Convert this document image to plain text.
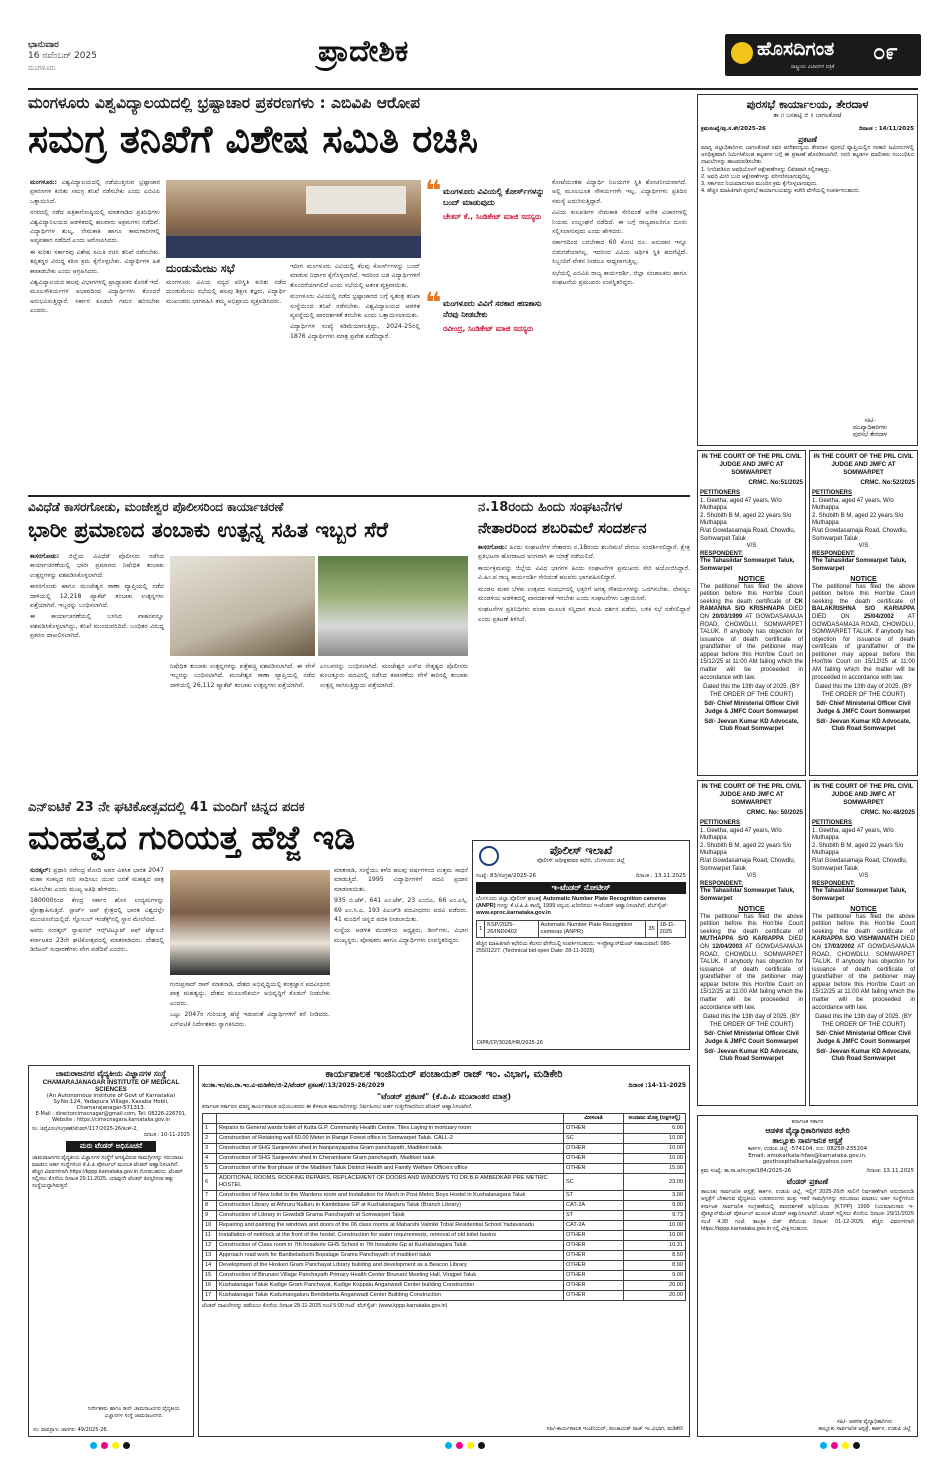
ಭಾನುವಾರ
16 ನವೆಂಬರ್ 2025
ಮಂಗಳೂರು	ಪ್ರಾದೇಶಿಕ	ಹೊಸದಿಗಂತ
ರಾಷ್ಟ್ರೀಯ ವಿಚಾರಗಳ ಪತ್ರಿಕೆ
೦೯
ಮಂಗಳೂರು ವಿಶ್ವವಿದ್ಯಾಲಯದಲ್ಲಿ ಭ್ರಷ್ಟಾಚಾರ ಪ್ರಕರಣಗಳು : ಎಬಿವಿಪಿ ಆರೋಪ
ಸಮಗ್ರ ತನಿಖೆಗೆ ವಿಶೇಷ ಸಮಿತಿ ರಚಿಸಿ

ಮಂಗಳೂರು: ವಿಶ್ವವಿದ್ಯಾಲಯದಲ್ಲಿ ನಡೆಯುತ್ತಿರುವ ಭ್ರಷ್ಟಾಚಾರ ಪ್ರಕರಣಗಳ ಕುರಿತು ಸಮಗ್ರ ತನಿಖೆ ನಡೆಸಬೇಕು ಎಂದು ಎಬಿವಿಪಿ ಒತ್ತಾಯಿಸಿದೆ.

ನಗರದಲ್ಲಿ ನಡೆದ ಪತ್ರಿಕಾಗೋಷ್ಠಿಯಲ್ಲಿ ಮಾತನಾಡಿದ ಪ್ರತಿನಿಧಿಗಳು ವಿಶ್ವವಿದ್ಯಾನಿಲಯದ ಆಡಳಿತದಲ್ಲಿ ಹಲವಾರು ಅಕ್ರಮಗಳು ನಡೆದಿವೆ. ವಿದ್ಯಾರ್ಥಿಗಳ ಶುಲ್ಕ, ನೇಮಕಾತಿ ಹಾಗೂ ಕಾಮಗಾರಿಗಳಲ್ಲಿ ಅವ್ಯವಹಾರ ನಡೆದಿದೆ ಎಂದು ಆರೋಪಿಸಿದರು.

ಈ ಕುರಿತು ಸರ್ಕಾರವು ವಿಶೇಷ ಸಮಿತಿ ರಚಿಸಿ ತನಿಖೆ ನಡೆಸಬೇಕು. ತಪ್ಪಿತಸ್ಥರ ವಿರುದ್ಧ ಕಠಿಣ ಕ್ರಮ ಕೈಗೊಳ್ಳಬೇಕು. ವಿದ್ಯಾರ್ಥಿಗಳ ಹಿತ ಕಾಪಾಡಬೇಕು ಎಂದು ಆಗ್ರಹಿಸಿದರು.

ವಿಶ್ವವಿದ್ಯಾಲಯದ ಹಲವು ವಿಭಾಗಗಳಲ್ಲಿ ಪ್ರಾಧ್ಯಾಪಕರ ಕೊರತೆ ಇದೆ. ಮೂಲಸೌಕರ್ಯಗಳ ಅಭಾವದಿಂದ ವಿದ್ಯಾರ್ಥಿಗಳು ತೊಂದರೆ ಅನುಭವಿಸುತ್ತಿದ್ದಾರೆ. ಸರ್ಕಾರ ಕೂಡಲೇ ಗಮನ ಹರಿಸಬೇಕು ಎಂದರು.

ದುಂಡುಮೇಜು ಸಭೆ

ಮಂಗಳೂರು ವಿವಿಯ ಸದ್ಯದ ಪರಿಸ್ಥಿತಿ ಕುರಿತು ನಡೆದ ದುಂಡುಮೇಜು ಸಭೆಯಲ್ಲಿ ಹಲವು ಶಿಕ್ಷಣ ತಜ್ಞರು, ವಿದ್ಯಾರ್ಥಿ ಮುಖಂಡರು ಭಾಗವಹಿಸಿ ತಮ್ಮ ಅಭಿಪ್ರಾಯ ವ್ಯಕ್ತಪಡಿಸಿದರು.

ಇದೀಗ ಮಂಗಳೂರು ವಿವಿಯಲ್ಲಿ ಕೆಲವು ಕೋರ್ಸ್‌ಗಳನ್ನು ಬಂದ್ ಮಾಡುವ ನಿರ್ಧಾರ ಕೈಗೊಳ್ಳಲಾಗಿದೆ. ಇದರಿಂದ ಬಡ ವಿದ್ಯಾರ್ಥಿಗಳಿಗೆ ತೊಂದರೆಯಾಗಲಿದೆ ಎಂದು ಸಭೆಯಲ್ಲಿ ಆತಂಕ ವ್ಯಕ್ತವಾಯಿತು.

ಮಂಗಳೂರು ವಿವಿಯಲ್ಲಿ ನಡೆದ ಭ್ರಷ್ಟಾಚಾರದ ಬಗ್ಗೆ ಸ್ವತಂತ್ರ ತನಿಖಾ ಸಂಸ್ಥೆಯಿಂದ ತನಿಖೆ ನಡೆಸಬೇಕು. ವಿಶ್ವವಿದ್ಯಾಲಯದ ಆಡಳಿತ ವ್ಯವಸ್ಥೆಯಲ್ಲಿ ಪಾರದರ್ಶಕತೆ ತರಬೇಕು ಎಂದು ಒತ್ತಾಯಿಸಲಾಯಿತು.

ವಿದ್ಯಾರ್ಥಿಗಳ ಸಂಖ್ಯೆ ಕಡಿಮೆಯಾಗುತ್ತಿದ್ದು, 2024-25ರಲ್ಲಿ 1876 ವಿದ್ಯಾರ್ಥಿಗಳು ಮಾತ್ರ ಪ್ರವೇಶ ಪಡೆದಿದ್ದಾರೆ.

❝ ಮಂಗಳೂರು ವಿವಿಯಲ್ಲಿ ಕೋರ್ಸ್‌ಗಳನ್ನು ಬಂದ್ ಮಾಡುವುದು
ಚೇತನ್ ಕೆ., ಸಿಂಡಿಕೇಟ್ ಮಾಜಿ ಸದಸ್ಯರು
❝ ಮಂಗಳೂರು ವಿವಿಗೆ ಸರಕಾರ ಹಣಕಾಸು ನೆರವು ನೀಡಬೇಕು
ರವೀಂದ್ರ, ಸಿಂಡಿಕೇಟ್ ಮಾಜಿ ಸದಸ್ಯರು

ಕೋಟೆಯಂತಹ ವಿದ್ಯಾರ್ಥಿ ನಿಲಯಗಳ ಸ್ಥಿತಿ ಶೋಚನೀಯವಾಗಿದೆ. ಅಲ್ಲಿ ಮೂಲಭೂತ ಸೌಕರ್ಯಗಳೇ ಇಲ್ಲ. ವಿದ್ಯಾರ್ಥಿಗಳು ಪ್ರತಿದಿನ ಸಮಸ್ಯೆ ಎದುರಿಸುತ್ತಿದ್ದಾರೆ.

ವಿವಿಯ ಕುಲಪತಿಗಳ ನೇಮಕಾತಿ ಸೇರಿದಂತೆ ಅನೇಕ ವಿಚಾರಗಳಲ್ಲಿ ನಿಯಮ ಉಲ್ಲಂಘನೆ ನಡೆದಿದೆ. ಈ ಬಗ್ಗೆ ರಾಜ್ಯಪಾಲರಿಗೂ ದೂರು ಸಲ್ಲಿಸಲಾಗುವುದು ಎಂದು ಹೇಳಿದರು.

ಸರ್ಕಾರದಿಂದ ಬರಬೇಕಾದ 60 ಕೋಟಿ ರೂ. ಅನುದಾನ ಇನ್ನೂ ಬಿಡುಗಡೆಯಾಗಿಲ್ಲ. ಇದರಿಂದ ವಿವಿಯ ಆರ್ಥಿಕ ಸ್ಥಿತಿ ಹದಗೆಟ್ಟಿದೆ. ಸಿಬ್ಬಂದಿಗೆ ವೇತನ ನೀಡಲೂ ಸಾಧ್ಯವಾಗುತ್ತಿಲ್ಲ.

ಸಭೆಯಲ್ಲಿ ಎಬಿವಿಪಿ ರಾಜ್ಯ ಕಾರ್ಯದರ್ಶಿ, ಜಿಲ್ಲಾ ಸಂಚಾಲಕರು ಹಾಗೂ ಸಂಘಟನೆಯ ಪ್ರಮುಖರು ಉಪಸ್ಥಿತರಿದ್ದರು.

ವಿವಿಧೆಡೆ ಕಾಸರಗೋಡು, ಮಂಜೇಶ್ವರ ಪೊಲೀಸರಿಂದ ಕಾರ್ಯಾಚರಣೆ
ಭಾರೀ ಪ್ರಮಾಣದ ತಂಬಾಕು ಉತ್ಪನ್ನ ಸಹಿತ ಇಬ್ಬರ ಸೆರೆ

ಕಾಸರಗೋಡು: ಜಿಲ್ಲೆಯ ವಿವಿಧೆಡೆ ಪೊಲೀಸರು ನಡೆಸಿದ ಕಾರ್ಯಾಚರಣೆಯಲ್ಲಿ ಭಾರೀ ಪ್ರಮಾಣದ ನಿಷೇಧಿತ ತಂಬಾಕು ಉತ್ಪನ್ನಗಳನ್ನು ವಶಪಡಿಸಿಕೊಳ್ಳಲಾಗಿದೆ.

ಕಾಸರಗೋಡು ಹಾಗೂ ಮಂಜೇಶ್ವರ ಠಾಣಾ ವ್ಯಾಪ್ತಿಯಲ್ಲಿ ನಡೆದ ದಾಳಿಯಲ್ಲಿ 12,218 ಪ್ಯಾಕೆಟ್ ತಂಬಾಕು ಉತ್ಪನ್ನಗಳು ಪತ್ತೆಯಾಗಿವೆ. ಇಬ್ಬರನ್ನು ಬಂಧಿಸಲಾಗಿದೆ.

ಈ ಕಾರ್ಯಾಚರಣೆಯಲ್ಲಿ ಬಳಸಿದ ವಾಹನವನ್ನೂ ವಶಪಡಿಸಿಕೊಳ್ಳಲಾಗಿದ್ದು, ತನಿಖೆ ಮುಂದುವರಿದಿದೆ. ಬಂಧಿತರ ವಿರುದ್ಧ ಪ್ರಕರಣ ದಾಖಲಿಸಲಾಗಿದೆ.

ನಿಷೇಧಿತ ತಂಬಾಕು ಉತ್ಪನ್ನಗಳನ್ನು ಪತ್ತೆಹಚ್ಚಿ ವಶಪಡಿಸಲಾಗಿದೆ. ಈ ವೇಳೆ ಇಬ್ಬರನ್ನು ಬಂಧಿಸಲಾಗಿದೆ. ಮಂಜೇಶ್ವರ ಠಾಣಾ ವ್ಯಾಪ್ತಿಯಲ್ಲಿ ನಡೆದ ದಾಳಿಯಲ್ಲಿ 26,112 ಪ್ಯಾಕೆಟ್ ತಂಬಾಕು ಉತ್ಪನ್ನಗಳು ಪತ್ತೆಯಾಗಿವೆ.

ಎಂಬವರನ್ನು ಬಂಧಿಸಲಾಗಿದೆ. ಮಂಜೇಶ್ವರ ಎಸ್‌ಐ ನೇತೃತ್ವದ ಪೊಲೀಸರು ಕುಂಜತ್ತೂರು ಪದವಿನಲ್ಲಿ ನಡೆಸಿದ ತಪಾಸಣೆಯ ವೇಳೆ ಕಾರಿನಲ್ಲಿ ತಂಬಾಕು ಉತ್ಪನ್ನ ಸಾಗಿಸುತ್ತಿದ್ದುದು ಪತ್ತೆಯಾಗಿದೆ.

ನ.18ರಂದು ಹಿಂದು ಸಂಘಟನೆಗಳ
ನೇತಾರರಿಂದ ಶಬರಿಮಲೆ ಸಂದರ್ಶನ

ಕಾಸರಗೋಡು: ಹಿಂದು ಸಂಘಟನೆಗಳ ನೇತಾರರು ನ.18ರಂದು ಶಬರಿಮಲೆ ದೇಗುಲ ಸಂದರ್ಶಿಸಲಿದ್ದಾರೆ. ಕ್ಷೇತ್ರ ಪ್ರತಿಭಟನಾ ಹೋರಾಟದ ಅಂಗವಾಗಿ ಈ ಯಾತ್ರೆ ನಡೆಯಲಿದೆ.

ಕಾರ್ಯಕ್ರಮವನ್ನು ಜಿಲ್ಲೆಯ ವಿವಿಧ ಭಾಗಗಳ ಹಿಂದು ಸಂಘಟನೆಗಳ ಪ್ರಮುಖರು ಸೇರಿ ಆಯೋಜಿಸಿದ್ದಾರೆ. ವಿ.ಹಿಂ.ಪ ರಾಜ್ಯ ಕಾರ್ಯದರ್ಶಿ ಸೇರಿದಂತೆ ಹಲವರು ಭಾಗವಹಿಸಲಿದ್ದಾರೆ.

ಮಂಡಲ ಮಕರ ಬೆಳಕು ಉತ್ಸವದ ಸಂದರ್ಭದಲ್ಲಿ ಭಕ್ತರಿಗೆ ಅಗತ್ಯ ಸೌಕರ್ಯಗಳನ್ನು ಒದಗಿಸಬೇಕು. ದೇವಸ್ವಂ ಮಂಡಳಿಯ ಆಡಳಿತದಲ್ಲಿ ಪಾರದರ್ಶಕತೆ ಇರಬೇಕು ಎಂದು ಸಂಘಟನೆಗಳು ಒತ್ತಾಯಿಸಿವೆ.

ಸಂಘಟನೆಗಳ ಪ್ರತಿನಿಧಿಗಳು ಪಂಪಾ ಮೂಲಕ ಸನ್ನಿಧಾನ ತಲುಪಿ ದರ್ಶನ ಪಡೆದು, ಬಳಿಕ ಸಭೆ ನಡೆಸಲಿದ್ದಾರೆ ಎಂದು ಪ್ರಕಟಣೆ ತಿಳಿಸಿದೆ.

ಪೊಲೀಸ್ ಇಲಾಖೆ
ಪೊಲೀಸ್ ಅಧೀಕ್ಷಕರವರ ಕಛೇರಿ, ಬೆಂಗಳೂರು ಜಿಲ್ಲೆ
ಸಂಖ್ಯೆ: 83/ಸಂಗ್ರಹ/2025-26	ದಿನಾಂಕ : 13.11.2025
ಇ-ಟೆಂಡರ್ ನೋಟೀಸ್
ಬೆಂಗಳೂರು ಜಿಲ್ಲಾ ಪೊಲೀಸ್ ಘಟಕಕ್ಕೆ Automatic Number Plate Recognition cameras (ANPR) ಗಳನ್ನು ಕೆ.ಟಿ.ಪಿ.ಪಿ ಕಾಯ್ದೆ 1999 ರನ್ವಯ ಖರೀದಿಸಲು ಇ-ಟೆಂಡರ್ ಆಹ್ವಾನಿಸಲಾಗಿದೆ. ವೆಬ್‌ಸೈಟ್: www.eproc.karnataka.gov.in
1	KSP/2025-26/IND0402	Automatic Number Plate Recognition cameras (ANPR)	35	18-11-2025
ಹೆಚ್ಚಿನ ಮಾಹಿತಿಗಾಗಿ ಕಛೇರಿಯ ಕೆಲಸದ ವೇಳೆಯಲ್ಲಿ ಸಂಪರ್ಕಿಸಬಹುದು. ಇ-ಪ್ರೊಕ್ಯೂರ್‌ಮೆಂಟ್ ಸಹಾಯವಾಣಿ: 080-25501227. (Technical bid open Date: 28-11-2025)
DIPR/CP/3026/HR/2025-26
ಎನ್‌ಐಟಿಕೆ 23 ನೇ ಘಟಿಕೋತ್ಸವದಲ್ಲಿ 41 ಮಂದಿಗೆ ಚಿನ್ನದ ಪದಕ
ಮಹತ್ವದ ಗುರಿಯತ್ತ ಹೆಜ್ಜೆ ಇಡಿ

ಸುರತ್ಕಲ್: ಪ್ರಧಾನಿ ನರೇಂದ್ರ ಮೋದಿ ಅವರ ವಿಕಸಿತ ಭಾರತ 2047 ಮಹಾ ಸಂಕಲ್ಪದ ಗುರಿ ಸಾಧಿಸಲು ಯುವ ಜನತೆ ಮಹತ್ವದ ಪಾತ್ರ ವಹಿಸಬೇಕು ಎಂದು ಮುಖ್ಯ ಅತಿಥಿ ಹೇಳಿದರು.

180000ರಿಂದ ಕೇಂದ್ರ ಸರ್ಕಾರ ಹೊಸ ಉದ್ಯಮಗಳನ್ನು ಪ್ರೋತ್ಸಾಹಿಸುತ್ತಿದೆ. ಸ್ಟಾರ್ಟ್ ಅಪ್ ಕ್ಷೇತ್ರದಲ್ಲಿ ಭಾರತ ವಿಶ್ವದಲ್ಲೇ ಮುಂಚೂಣಿಯಲ್ಲಿದೆ. ಗ್ಲೋಬಲ್ ಇಂಡೆಕ್ಸ್‌ನಲ್ಲಿ ಸ್ಥಾನ ಮೇಲೇರಿದೆ.

ಅವರು ಸುರತ್ಕಲ್ ನ್ಯಾಷನಲ್ ಇನ್ಸ್‌ಟಿಟ್ಯೂಟ್ ಆಫ್ ಟೆಕ್ನಾಲಜಿ ಕರ್ನಾಟಕದ 23ನೇ ಘಟಿಕೋತ್ಸವದಲ್ಲಿ ಮಾತನಾಡಿದರು. ದೇಶದಲ್ಲಿ ಡಿಜಿಟಲ್ ಸುಧಾರಣೆಗಳು ವೇಗ ಪಡೆದಿವೆ ಎಂದರು.

ಗುರುಪ್ರಸಾದ್ ರಾವ್ ಮಾತನಾಡಿ, ದೇಶದ ಅಭಿವೃದ್ಧಿಯಲ್ಲಿ ತಂತ್ರಜ್ಞಾನ ಪದವೀಧರರ ಪಾತ್ರ ಮಹತ್ವದ್ದು. ದೇಶದ ಮೂಲಸೌಕರ್ಯ ಅಭಿವೃದ್ಧಿಗೆ ಕೊಡುಗೆ ನೀಡಬೇಕು ಎಂದರು.

ಒಟ್ಟು 2047ರ ಗುರಿಯತ್ತ ಹೆಜ್ಜೆ ಇಡುವಂತೆ ವಿದ್ಯಾರ್ಥಿಗಳಿಗೆ ಕರೆ ನೀಡಿದರು. ಎನ್‌ಐಟಿಕೆ ನಿರ್ದೇಶಕರು ಸ್ವಾಗತಿಸಿದರು.

ಮಾತನಾಡಿ, ಸಂಸ್ಥೆಯು ಕಳೆದ ಹಲವು ವರ್ಷಗಳಿಂದ ಉತ್ತಮ ಸಾಧನೆ ಮಾಡುತ್ತಿದೆ. 1995 ವಿದ್ಯಾರ್ಥಿಗಳಿಗೆ ಪದವಿ ಪ್ರದಾನ ಮಾಡಲಾಯಿತು.

935 ಬಿ.ಟೆಕ್, 641 ಎಂ.ಟೆಕ್, 23 ಎಂಬಿಎ, 66 ಎಂ.ಎಸ್ಸಿ, 69 ಎಂ.ಸಿ.ಎ, 193 ಪಿಎಚ್‌ಡಿ ಪದವೀಧರರು ಪದವಿ ಪಡೆದರು. 41 ಮಂದಿಗೆ ಚಿನ್ನದ ಪದಕ ನೀಡಲಾಯಿತು.

ಸಂಸ್ಥೆಯ ಆಡಳಿತ ಮಂಡಳಿಯ ಅಧ್ಯಕ್ಷರು, ಡೀನ್‌ಗಳು, ವಿಭಾಗ ಮುಖ್ಯಸ್ಥರು, ಪೋಷಕರು ಹಾಗೂ ವಿದ್ಯಾರ್ಥಿಗಳು ಉಪಸ್ಥಿತರಿದ್ದರು.

ಕಾರ್ಯಪಾಲಕ ಇಂಜಿನಿಯರ್ ಪಂಚಾಯತ್ ರಾಜ್ ಇಂ. ವಿಭಾಗ, ಮಡಿಕೇರಿ
ಸಂ:ಕಾ.ಇಂ/ಪಂ.ರಾ.ಇಂ.ವಿ-ಮಡಿಕೇರಿ/ಜಿ-2/ಟೆಂಡರ್ ಪ್ರಕಟಣೆ/:13/2025-26/2029	ದಿನಾಂಕ :14-11-2025
"ಟೆಂಡರ್ ಪ್ರಕಟಣೆ" (ಕೆ.ಪಿ.ಪಿ ಮುಖಾಂತರ ಮಾತ್ರ)
ಕರ್ನಾಟಕ ಸರ್ಕಾರದ ಮಾನ್ಯ ಕಾರ್ಯಪಾಲಕ ಅಭಿಯಂತರರು ಈ ಕೆಳಕಂಡ ಕಾಮಗಾರಿಗಳನ್ನು ನಿರ್ವಹಿಸಲು ಅರ್ಹ ಗುತ್ತಿಗೆದಾರರಿಂದ ಟೆಂಡರ್ ಆಹ್ವಾನಿಸಲಾಗಿದೆ.
		ಮೀಸಲಾತಿ	ಅಂದಾಜು ಮೊತ್ತ (ಲಕ್ಷಗಳಲ್ಲಿ)
1	Repairs to General wards toilet of Kutta G.P. Community Health Centre. Tiles Laying in mortuary room	OTHER	6.00
2	Construction of Retaining wall 60.00 Meter in Range Forest office in Somwarpet Taluk. CALL-2	SC	10.00
3	Construction of SHG Sanjeevini shed in Nanjarayapatna Gram panchayath, Madikeri taluk	OTHER	10.00
4	Construction of SHG Sanjeevini shed in Cherambane Gram panchayath, Madikeri taluk	OTHER	10.00
5	Construction of the first phase of the Madikeri Taluk District Health and Family Welfare Officers office	OTHER	15.00
6	ADDITIONAL ROOMS, ROOFING REPAIRS, REPLACEMENT OF DOORS AND WINDOWS TO DR.B.R AMBEDKAR PRE METRIC HOSTEL	SC	23.00
7	Construction of New toilet to the Wardens room and Installation for Mesh in Post Metric Boys Hostel in Kushalanagara Taluk	ST	3.00
8	Construction Library at Athruru Nalluru in Kambibane GP at Kushalanagara Taluk (Branch Library)	CAT-2A	9.00
9	Construction of Library in Gowdalli Grama Panchayath at Somwarpet Taluk	ST	9.73
10	Repairing and painting the windows and doors of the 06 class rooms at Maharshi Valmiki Tribal Residential School Yadavanadu	CAT-2A	10.00
11	Installation of netrilock at the front of the hostel. Construction for water requirements, removal of old toilet basins	OTHER	10.00
12	Construction of Class room in 7th hosakote GHS School in 7th hosakote Gp at Kushalanagara Taluk	OTHER	10.31
13	Approach road work for Banibeladuchi Bopalage Grama Panchayath of madikeri taluk	OTHER	8.50
14	Development of the Hoskeri Gram Panchayat Library building and development as a Beacon Library	OTHER	8.90
15	Construction of Birunani Village Panchayath Primary Health Center Birunani Meeting Hall, Virajpet Taluk	OTHER	9.00
16	Kushalanagar Taluk Kudige Gram Panchayat, Kudige Koppalu Anganwadi Center building Construction	OTHER	20.00
17	Kushalanagar Taluk Kudumangaluru Bendebetta Anganwadi Center Building Construction	OTHER	20.00
ಟೆಂಡರ್ ದಾಖಲೆಗಳನ್ನು ಪಡೆಯಲು ಕೊನೆಯ ದಿನಾಂಕ 28-11-2025 ಸಂಜೆ 5:00 ಗಂಟೆ. ವೆಬ್‌ಸೈಟ್: (www.kppp.karnataka.gov.in)
ಸಹಿ/-ಕಾರ್ಯಪಾಲಕ ಇಂಜಿನಿಯರ್, ಪಂಚಾಯತ್ ರಾಜ್ ಇಂ.ವಿಭಾಗ, ಮಡಿಕೇರಿ
ಚಾಮರಾಜನಗರ ವೈದ್ಯಕೀಯ ವಿಜ್ಞಾನಗಳ ಸಂಸ್ಥೆ
CHAMARAJANAGAR INSTITUTE OF MEDICAL SCIENCES
(An Autonomous institute of Govt of Karnataka)
Sy.No:124, Yadapura Village, Kasaba Hobli,
Chamarajanagar-571313.
E-Mail : directorcimscnagar@gmail.com, Tel: 08226-226701,
Website : https://cimscnagara.karnataka.gov.in
ಸಂ: ಚಿವೈವಿಸಂ/ಸಂಗ್ರಹಣೆ/ಟೆಂಡರ್/117/2025-26/ಕಂತ್-2,
ದಿನಾಂಕ : 10-11-2025
ಮರು ಟೆಂಡರ್ ಅಧಿಸೂಚನೆ
ಚಾಮರಾಜನಗರ ವೈದ್ಯಕೀಯ ವಿಜ್ಞಾನಗಳ ಸಂಸ್ಥೆಗೆ ಅಗತ್ಯವಿರುವ ಸಾಮಗ್ರಿಗಳನ್ನು ಸರಬರಾಜು ಮಾಡಲು ಅರ್ಹ ಸಂಸ್ಥೆಗಳಿಂದ ಕೆ.ಪಿ.ಪಿ ಪೋರ್ಟಲ್ ಮೂಲಕ ಟೆಂಡರ್ ಆಹ್ವಾನಿಸಲಾಗಿದೆ. ಹೆಚ್ಚಿನ ವಿವರಗಳಿಗಾಗಿ https://kppp.karnataka.gov.in ನೋಡಬಹುದು. ಟೆಂಡರ್ ಸಲ್ಲಿಸಲು ಕೊನೆಯ ದಿನಾಂಕ 29.11.2025. ಯಾವುದೇ ಟೆಂಡರ್ ತಿರಸ್ಕರಿಸುವ ಹಕ್ಕು ಸಂಸ್ಥೆಯದ್ದಾಗಿರುತ್ತದೆ.
ನಿರ್ದೇಶಕರು ಹಾಗೂ ಡೀನ್ ಚಾಮರಾಜನಗರ ವೈದ್ಯಕೀಯ ವಿಜ್ಞಾನಗಳ ಸಂಸ್ಥೆ ಚಾಮರಾಜನಗರ.
ಸಂ: ವಾಪಪ್ರಾಇ: ಚಾನಗರ: 49/2025-26.
ಪುರಸಭೆ ಕಾರ್ಯಾಲಯ, ತೇರದಾಳ
ತಾ ॥ ಬನಹಟ್ಟಿ ಜಿ ॥ ಬಾಗಲಕೋಟೆ
ಕ್ರಮಸಂಖ್ಯೆ/ಪು.ಸ.ತೇ/2025-26	ದಿನಾಂಕ : 14/11/2025
ಪ್ರಕಟಣೆ
ಮಾನ್ಯ ಜಿಲ್ಲಾಧಿಕಾರಿಗಳು ಬಾಗಲಕೋಟೆ ರವರ ಆದೇಶದನ್ವಯ ತೇರದಾಳ ಪುರಸಭೆ ವ್ಯಾಪ್ತಿಯಲ್ಲಿನ ಸರಕಾರಿ ಜಮೀನುಗಳಲ್ಲಿ ಅನಧಿಕೃತವಾಗಿ ನಿರ್ಮಿಸಿಕೊಂಡ ಕಟ್ಟಡಗಳ ಬಗ್ಗೆ ಈ ಪ್ರಕಟಣೆ ಹೊರಡಿಸಲಾಗಿದೆ. ಸದರಿ ಕಟ್ಟಡಗಳ ಮಾಲೀಕರು ಸಂಬಂಧಿಸಿದ ದಾಖಲೆಗಳನ್ನು ಹಾಜರುಪಡಿಸಬೇಕು.
1. ನಿಗದಿಪಡಿಸಿದ ಅವಧಿಯೊಳಗೆ ಆಕ್ಷೇಪಣೆಗಳನ್ನು ಲಿಖಿತವಾಗಿ ಸಲ್ಲಿಸತಕ್ಕದ್ದು.
2. ಅವಧಿ ಮೀರಿ ಬಂದ ಆಕ್ಷೇಪಣೆಗಳನ್ನು ಪರಿಗಣಿಸಲಾಗುವುದಿಲ್ಲ.
3. ಸರ್ಕಾರದ ನಿಯಮಾನುಸಾರ ಮುಂದಿನ ಕ್ರಮ ಕೈಗೊಳ್ಳಲಾಗುವುದು.
4. ಹೆಚ್ಚಿನ ಮಾಹಿತಿಗಾಗಿ ಪುರಸಭೆ ಕಾರ್ಯಾಲಯವನ್ನು ಕಚೇರಿ ವೇಳೆಯಲ್ಲಿ ಸಂಪರ್ಕಿಸಬಹುದು.
ಸಹಿ/-
ಮುಖ್ಯಾಧಿಕಾರಿಗಳು
ಪುರಸಭೆ ತೇರದಾಳ
IN THE COURT OF THE PRL CIVIL JUDGE AND JMFC AT SOMWARPET
CRMC. No:51/2025
PETITIONERS
1. Geetha, aged 47 years, W/o Muthappa
2. Shobith B M, aged 22 years S/o Muthappa
R/at Gowdasamaja Road, Chowdlu, Somwarpet Taluk
V/S
RESPONDENT:
The Tahasildar Somwarpet Taluk, Somwarpet
NOTICE
The petitioner has filed the above petition before this Hon'ble Court seeking the death certificate of CK RAMANNA S/O KRISHNAPA DIED ON 20/03/1999 AT GOWDASAMAJA ROAD, CHOWDLU, SOMWARPET TALUK. If anybody has objection for issuance of death certificate of grandfather of the petitioner may appear before this Hon'ble Court on 15/12/25 at 11:00 AM failing which the matter will be proceeded in accordance with law.
Dated this the 13th day of 2025. (BY THE ORDER OF THE COURT)
Sd/- Chief Ministerial Officer Civil Judge & JMFC Court Somwarpet
Sd/- Jeevan Kumar KD Advocate, Club Road Somwarpet
IN THE COURT OF THE PRL CIVIL JUDGE AND JMFC AT SOMWARPET
CRMC. No:52/2025
PETITIONERS
1. Geetha, aged 47 years, W/o Muthappa
2. Shobith B M, aged 22 years S/o Muthappa
R/at Gowdasamaja Road, Chowdlu, Somwarpet Taluk
V/S
RESPONDENT:
The Tahasildar Somwarpet Taluk, Somwarpet
NOTICE
The petitioner has filed the above petition before this Hon'ble Court seeking the death certificate of BALAKRISHNA S/O KARIAPPA DIED ON 25/04/2002 AT GOWDASAMAJA ROAD, CHOWDLU, SOMWARPET TALUK. If anybody has objection for issuance of death certificate of grandfather of the petitioner may appear before this Hon'ble Court on 15/12/25 at 11:00 AM failing which the matter will be proceeded in accordance with law.
Dated this the 13th day of 2025. (BY THE ORDER OF THE COURT)
Sd/- Chief Ministerial Officer Civil Judge & JMFC Court Somwarpet
Sd/- Jeevan Kumar KD Advocate, Club Road Somwarpet
IN THE COURT OF THE PRL CIVIL JUDGE AND JMFC AT SOMWARPET
CRMC. No: 50/2025
PETITIONERS
1. Geetha, aged 47 years, W/o Muthappa
2. Shobith B M, aged 22 years S/o Muthappa
R/at Gowdasamaja Road, Chowdlu, Somwarpet Taluk
V/S
RESPONDENT:
The Tahasildar Somwarpet Taluk, Somwarpet
NOTICE
The petitioner has filed the above petition before this Hon'ble Court seeking the death certificate of MUTHAPPA S/O KARIAPPA DIED ON 12/04/2003 AT GOWDASAMAJA ROAD, CHOWDLU, SOMWARPET TALUK. If anybody has objection for issuance of death certificate of grandfather of the petitioner may appear before this Hon'ble Court on 15/12/25 at 11:00 AM failing which the matter will be proceeded in accordance with law.
Dated this the 13th day of 2025. (BY THE ORDER OF THE COURT)
Sd/- Chief Ministerial Officer Civil Judge & JMFC Court Somwarpet
Sd/- Jeevan Kumar KD Advocate, Club Road Somwarpet
IN THE COURT OF THE PRL CIVIL JUDGE AND JMFC AT SOMWARPET
CRMC. No:48/2025
PETITIONERS
1. Geetha, aged 47 years, W/o Muthappa
2. Shobith B M, aged 22 years S/o Muthappa
R/at Gowdasamaja Road, Chowdlu, Somwarpet Taluk
V/S
RESPONDENT:
The Tahasildar Somwarpet Taluk, Somwarpet
NOTICE
The petitioner has filed the above petition before this Hon'ble Court seeking the death certificate of KARIAPPA S/O VISHWANATH DIED ON 17/03/2002 AT GOWDASAMAJA ROAD, CHOWDLU, SOMWARPET TALUK. If anybody has objection for issuance of death certificate of grandfather of the petitioner may appear before this Hon'ble Court on 15/12/25 at 11:00 AM failing which the matter will be proceeded in accordance with law.
Dated this the 13th day of 2025. (BY THE ORDER OF THE COURT)
Sd/- Chief Ministerial Officer Civil Judge & JMFC Court Somwarpet
Sd/- Jeevan Kumar KD Advocate, Club Road Somwarpet
ಕರ್ನಾಟಕ ಸರ್ಕಾರ
ಆಡಳಿತ ವೈದ್ಯಾಧಿಕಾರಿಗಳವರ ಕಛೇರಿ
ತಾಲ್ಲೂಕು ಸಾರ್ವಜನಿಕ ಆಸ್ಪತ್ರೆ
ಕಾರ್ಕಳ, ಉಡುಪಿ ಜಿಲ್ಲೆ -574104, ದೂ: 08258-235204
Email: amokarkala-hfws@karnataka.gov.in,
govthospitalkarkala@yahoo.com
ಕ್ರಮ ಸಂಖ್ಯೆ: ತಾ.ಸಾ.ಆ/ಸಂಗ್ರಹ/184/2025-26	ದಿನಾಂಕ: 13.11.2025
ಟೆಂಡರ್ ಪ್ರಕಟಣೆ
ತಾಲೂಕು ಸಾರ್ವಜನಿಕ ಆಸ್ಪತ್ರೆ, ಕಾರ್ಕಳ, ಉಡುಪಿ ಜಿಲ್ಲೆ, ಇಲ್ಲಿಗೆ 2025-26ನೇ ಸಾಲಿಗೆ ನಿರ್ವಹಣೆಗಾಗಿ ಅನುದಾನದಡಿ ಆಸ್ಪತ್ರೆಗೆ ಬೇಕಾಗುವ ವೈದ್ಯಕೀಯ ಉಪಕರಣಗಳು ಮತ್ತು ಇತರೆ ಸಾಮಗ್ರಿಗಳನ್ನು ಸರಬರಾಜು ಮಾಡಲು ಅರ್ಹ ಸಂಸ್ಥೆಗಳಿಂದ ಕರ್ನಾಟಕ ಸಾರ್ವಜನಿಕ ಸಂಗ್ರಹಣೆಯಲ್ಲಿ ಪಾರದರ್ಶಕತೆ ಅಧಿನಿಯಮ (KTPP) 1999 ನಿಯಮಾನುಸಾರ ಇ-ಪ್ರೊಕ್ಯೂರ್‌ಮೆಂಟ್ ಪೋರ್ಟಲ್ ಮೂಲಕ ಟೆಂಡರ್ ಆಹ್ವಾನಿಸಲಾಗಿದೆ. ಟೆಂಡರ್ ಸಲ್ಲಿಸಲು ಕೊನೆಯ ದಿನಾಂಕ: 29/11/2025 ಸಂಜೆ 4.30 ಗಂಟೆ. ತಾಂತ್ರಿಕ ಬಿಡ್ ತೆರೆಯುವ ದಿನಾಂಕ: 01-12-2025. ಹೆಚ್ಚಿನ ವಿವರಗಳಿಗಾಗಿ https://kppp.karnataka.gov.in ನಲ್ಲಿ ವೀಕ್ಷಿಸಬಹುದು.
ಸಹಿ/- ಆಡಳಿತ ವೈದ್ಯಾಧಿಕಾರಿಗಳು
ತಾಲ್ಲೂಕು ಸಾರ್ವಜನಿಕ ಆಸ್ಪತ್ರೆ, ಕಾರ್ಕಳ, ಉಡುಪಿ ಜಿಲ್ಲೆ
